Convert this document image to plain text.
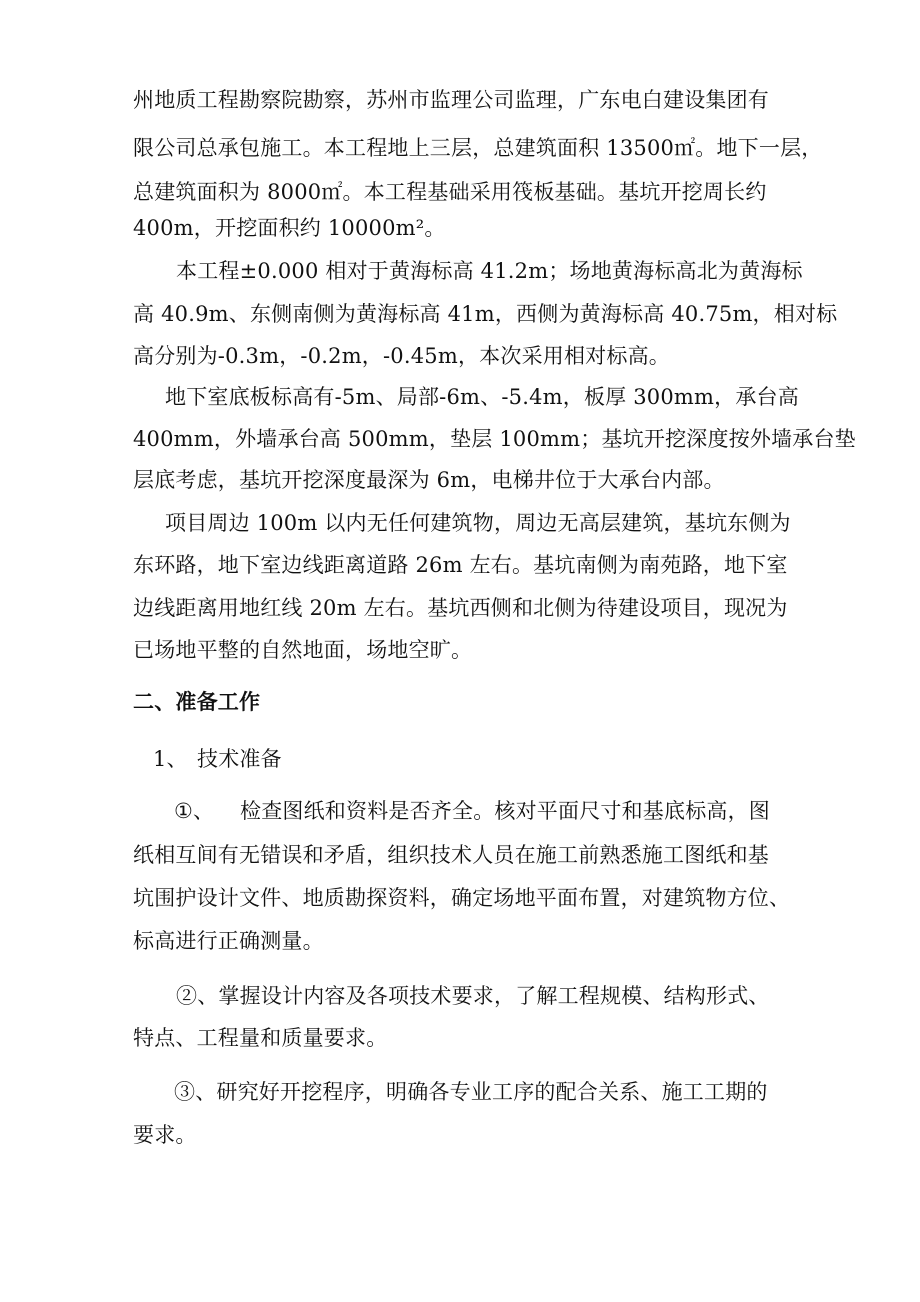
州地质工程勘察院勘察，苏州市监理公司监理，广东电白建设集团有

限公司总承包施工。本工程地上三层，总建筑面积 13500㎡。地下一层，

总建筑面积为 8000㎡。本工程基础采用筏板基础。基坑开挖周长约

400m，开挖面积约 10000m²。

本工程±0.000 相对于黄海标高 41.2m；场地黄海标高北为黄海标

高 40.9m、东侧南侧为黄海标高 41m，西侧为黄海标高 40.75m，相对标

高分别为-0.3m，-0.2m，-0.45m，本次采用相对标高。

地下室底板标高有-5m、局部-6m、-5.4m，板厚 300mm，承台高

400mm，外墙承台高 500mm，垫层 100mm；基坑开挖深度按外墙承台垫

层底考虑，基坑开挖深度最深为 6m，电梯井位于大承台内部。

项目周边 100m 以内无任何建筑物，周边无高层建筑，基坑东侧为

东环路，地下室边线距离道路 26m 左右。基坑南侧为南苑路，地下室

边线距离用地红线 20m 左右。基坑西侧和北侧为待建设项目，现况为

已场地平整的自然地面，场地空旷。

二、准备工作

1、 技术准备

①、 检查图纸和资料是否齐全。核对平面尺寸和基底标高，图

纸相互间有无错误和矛盾，组织技术人员在施工前熟悉施工图纸和基

坑围护设计文件、地质勘探资料，确定场地平面布置，对建筑物方位、

标高进行正确测量。

②、掌握设计内容及各项技术要求，了解工程规模、结构形式、

特点、工程量和质量要求。

③、研究好开挖程序，明确各专业工序的配合关系、施工工期的

要求。
